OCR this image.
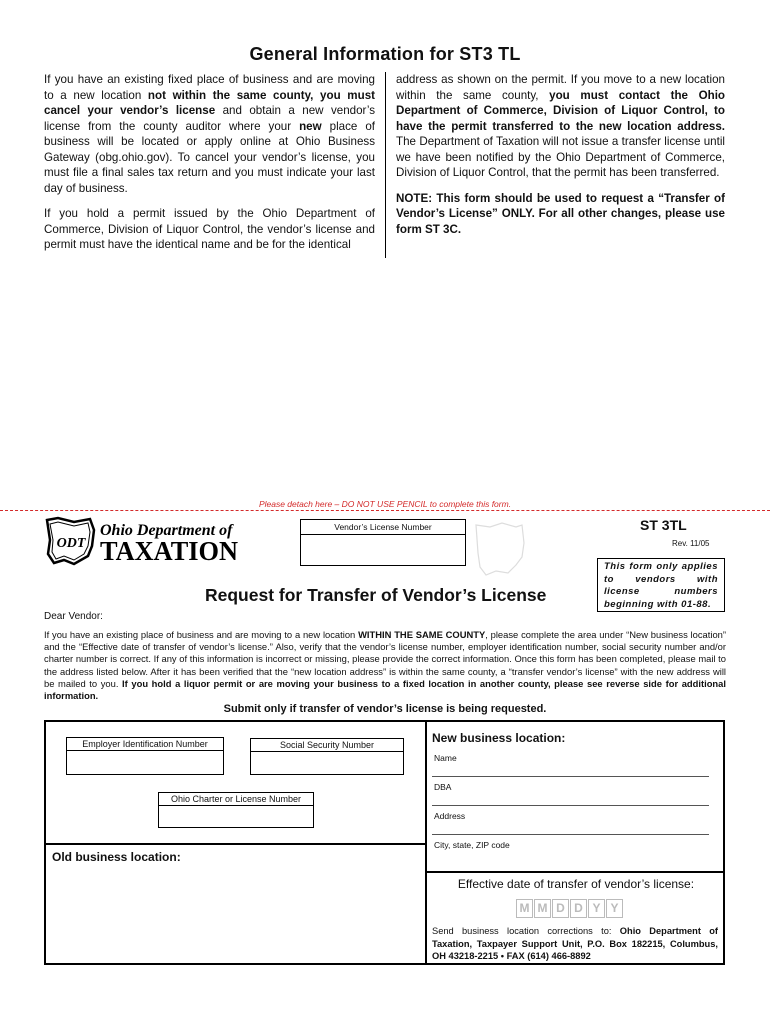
General Information for ST3 TL

If you have an existing fixed place of business and are moving to a new location not within the same county, you must cancel your vendor’s license and obtain a new vendor’s license from the county auditor where your new place of business will be located or apply online at Ohio Business Gateway (obg.ohio.gov). To cancel your vendor’s license, you must file a final sales tax return and you must indicate your last day of business.

If you hold a permit issued by the Ohio Department of Commerce, Division of Liquor Control, the vendor’s license and permit must have the identical name and be for the identical

address as shown on the permit. If you move to a new location within the same county, you must contact the Ohio Department of Commerce, Division of Liquor Control, to have the permit transferred to the new location address. The Department of Taxation will not issue a transfer license until we have been notified by the Ohio Department of Commerce, Division of Liquor Control, that the permit has been transferred.

NOTE: This form should be used to request a “Transfer of Vendor’s License” ONLY. For all other changes, please use form ST 3C.

Please detach here – DO NOT USE PENCIL to complete this form.
ODT
Ohio Department of
TAXATION
Vendor’s License Number	ST 3TL
Rev. 11/05
This form only applies to vendors with license numbers beginning with 01-88.
Request for Transfer of Vendor’s License
Dear Vendor:
If you have an existing place of business and are moving to a new location WITHIN THE SAME COUNTY, please complete the area under “New business location” and the “Effective date of transfer of vendor’s license.” Also, verify that the vendor’s license number, employer identification number, social security number and/or charter number is correct. If any of this information is incorrect or missing, please provide the correct information. Once this form has been completed, please mail to the address listed below. After it has been verified that the “new location address” is within the same county, a “transfer vendor’s license” with the new address will be mailed to you. If you hold a liquor permit or are moving your business to a fixed location in another county, please see reverse side for additional information.
Submit only if transfer of vendor’s license is being requested.
Employer Identification Number	Social Security Number
Ohio Charter or License Number
New business location:
Name
DBA
Address
City, state, ZIP code
Old business location:
Effective date of transfer of vendor’s license:
M M D D Y Y
Send business location corrections to: Ohio Department of Taxation, Taxpayer Support Unit, P.O. Box 182215, Columbus, OH 43218-2215 • FAX (614) 466-8892
